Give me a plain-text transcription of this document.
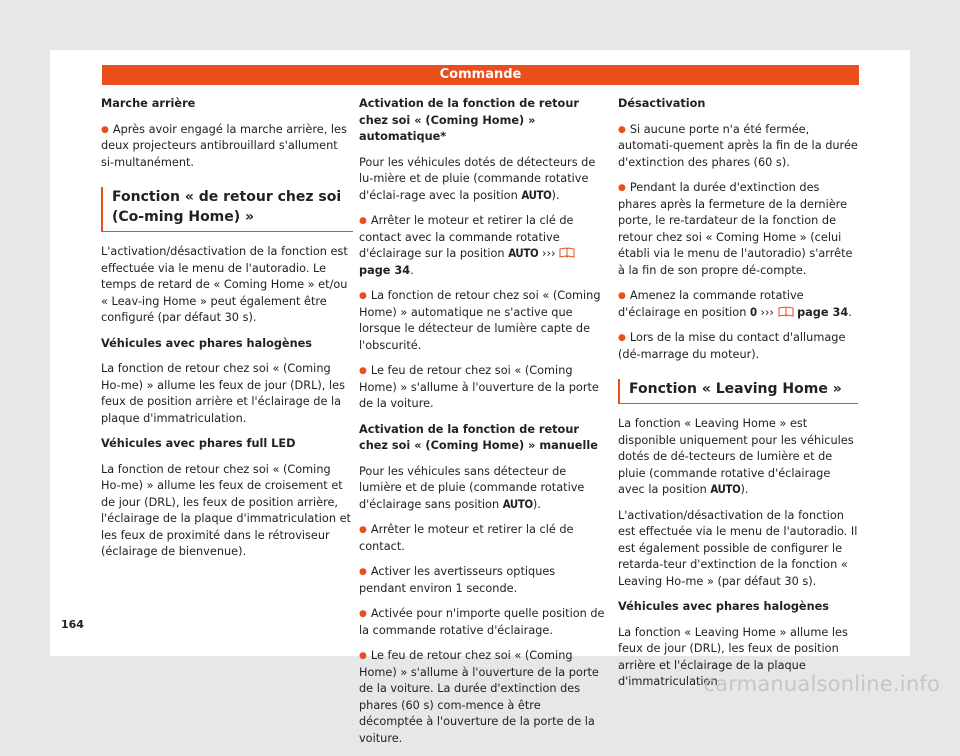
Commande

Marche arrière

● Après avoir engagé la marche arrière, les deux projecteurs antibrouillard s'allument si-multanément.

Fonction « de retour chez soi (Co-ming Home) »

L'activation/désactivation de la fonction est effectuée via le menu de l'autoradio. Le temps de retard de « Coming Home » et/ou « Leav-ing Home » peut également être configuré (par défaut 30 s).

Véhicules avec phares halogènes

La fonction de retour chez soi « (Coming Ho-me) » allume les feux de jour (DRL), les feux de position arrière et l'éclairage de la plaque d'immatriculation.

Véhicules avec phares full LED

La fonction de retour chez soi « (Coming Ho-me) » allume les feux de croisement et de jour (DRL), les feux de position arrière, l'éclairage de la plaque d'immatriculation et les feux de proximité dans le rétroviseur (éclairage de bienvenue).

Activation de la fonction de retour chez soi « (Coming Home) » automatique*

Pour les véhicules dotés de détecteurs de lu-mière et de pluie (commande rotative d'éclai-rage avec la position AUTO).

● Arrêter le moteur et retirer la clé de contact avec la commande rotative d'éclairage sur la position AUTO ›››  page 34.

● La fonction de retour chez soi « (Coming Home) » automatique ne s'active que lorsque le détecteur de lumière capte de l'obscurité.

● Le feu de retour chez soi « (Coming Home) » s'allume à l'ouverture de la porte de la voiture.

Activation de la fonction de retour chez soi « (Coming Home) » manuelle

Pour les véhicules sans détecteur de lumière et de pluie (commande rotative d'éclairage sans position AUTO).

● Arrêter le moteur et retirer la clé de contact.

● Activer les avertisseurs optiques pendant environ 1 seconde.

● Activée pour n'importe quelle position de la commande rotative d'éclairage.

● Le feu de retour chez soi « (Coming Home) » s'allume à l'ouverture de la porte de la voiture. La durée d'extinction des phares (60 s) com-mence à être décomptée à l'ouverture de la porte de la voiture.

Désactivation

● Si aucune porte n'a été fermée, automati-quement après la fin de la durée d'extinction des phares (60 s).

● Pendant la durée d'extinction des phares après la fermeture de la dernière porte, le re-tardateur de la fonction de retour chez soi « Coming Home » (celui établi via le menu de l'autoradio) s'arrête à la fin de son propre dé-compte.

● Amenez la commande rotative d'éclairage en position 0 ››› page 34.

● Lors de la mise du contact d'allumage (dé-marrage du moteur).

Fonction « Leaving Home »

La fonction « Leaving Home » est disponible uniquement pour les véhicules dotés de dé-tecteurs de lumière et de pluie (commande rotative d'éclairage avec la position AUTO).

L'activation/désactivation de la fonction est effectuée via le menu de l'autoradio. Il est également possible de configurer le retarda-teur d'extinction de la fonction « Leaving Ho-me » (par défaut 30 s).

Véhicules avec phares halogènes

La fonction « Leaving Home » allume les feux de jour (DRL), les feux de position arrière et l'éclairage de la plaque d'immatriculation.

164
carmanualsonline.info
